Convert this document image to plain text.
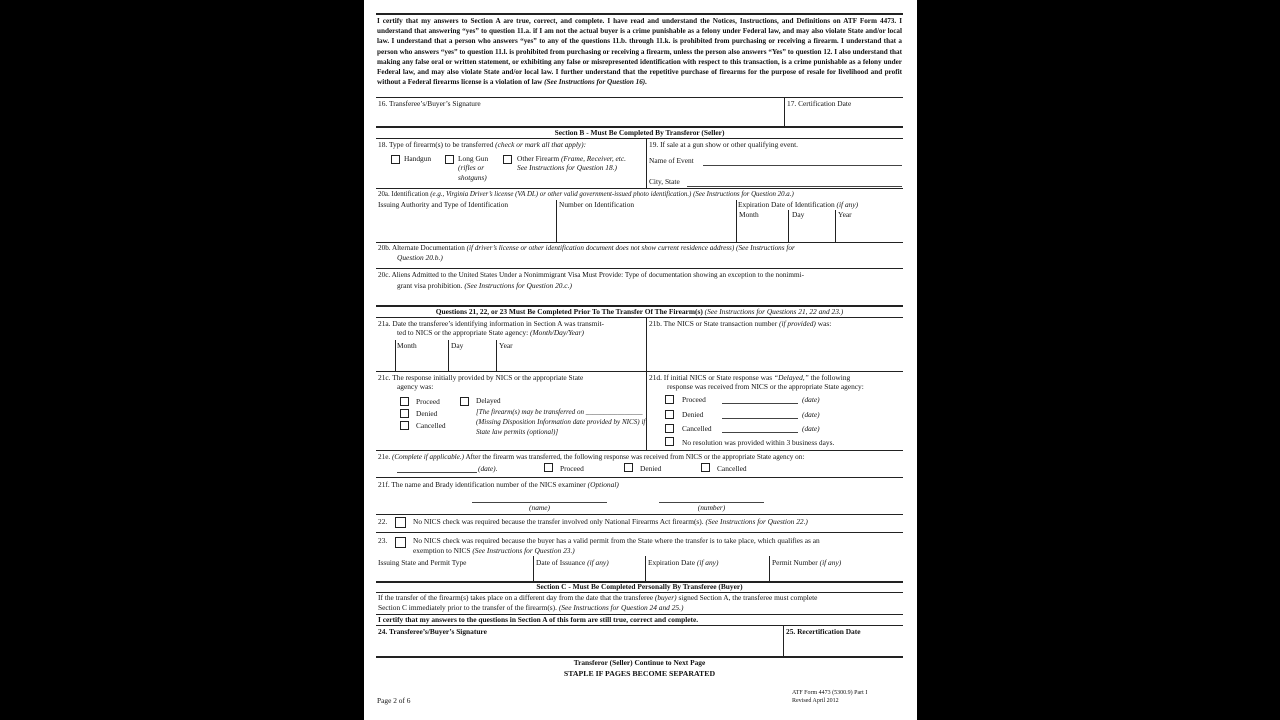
I certify that my answers to Section A are true, correct, and complete. I have read and understand the Notices, Instructions, and Definitions on ATF Form 4473. I understand that answering “yes” to question 11.a. if I am not the actual buyer is a crime punishable as a felony under Federal law, and may also violate State and/or local law. I understand that a person who answers “yes” to any of the questions 11.b. through 11.k. is prohibited from purchasing or receiving a firearm. I understand that a person who answers “yes” to question 11.l. is prohibited from purchasing or receiving a firearm, unless the person also answers “Yes” to question 12. I also understand that making any false oral or written statement, or exhibiting any false or misrepresented identification with respect to this transaction, is a crime punishable as a felony under Federal law, and may also violate State and/or local law. I further understand that the repetitive purchase of firearms for the purpose of resale for livelihood and profit without a Federal firearms license is a violation of law (See Instructions for Question 16).
16. Transferee’s/Buyer’s Signature	17. Certification Date
Section B - Must Be Completed By Transferor (Seller)
18. Type of firearm(s) to be transferred (check or mark all that apply):
Handgun	Long Gun
(rifles or
shotguns)
Other Firearm (Frame, Receiver, etc.
See Instructions for Question 18.)
19. If sale at a gun show or other qualifying event.
Name of Event
City, State
20a. Identification (e.g., Virginia Driver’s license (VA DL) or other valid government-issued photo identification.) (See Instructions for Question 20.a.)
Issuing Authority and Type of Identification	Number on Identification	Expiration Date of Identification (if any)
Month	Day	Year
20b. Alternate Documentation (if driver’s license or other identification document does not show current residence address) (See Instructions for
Question 20.b.)
20c. Aliens Admitted to the United States Under a Nonimmigrant Visa Must Provide: Type of documentation showing an exception to the nonimmi-
grant visa prohibition. (See Instructions for Question 20.c.)
Questions 21, 22, or 23 Must Be Completed Prior To The Transfer Of The Firearm(s) (See Instructions for Questions 21, 22 and 23.)
21a. Date the transferee’s identifying information in Section A was transmit-
ted to NICS or the appropriate State agency: (Month/Day/Year)
Month	Day	Year
21b. The NICS or State transaction number (if provided) was:
21c. The response initially provided by NICS or the appropriate State
agency was:
Proceed
Denied
Cancelled
Delayed
[The firearm(s) may be transferred on ________________ (Missing Disposition Information date provided by NICS) if State law permits (optional)]
21d. If initial NICS or State response was “Delayed,” the following
response was received from NICS or the appropriate State agency:
Proceed	(date)
Denied	(date)
Cancelled	(date)
No resolution was provided within 3 business days.
21e. (Complete if applicable.) After the firearm was transferred, the following response was received from NICS or the appropriate State agency on:
(date).	Proceed	Denied	Cancelled
21f. The name and Brady identification number of the NICS examiner (Optional)
(name)	(number)
22.	No NICS check was required because the transfer involved only National Firearms Act firearm(s). (See Instructions for Question 22.)
23.	No NICS check was required because the buyer has a valid permit from the State where the transfer is to take place, which qualifies as an
exemption to NICS (See Instructions for Question 23.)
Issuing State and Permit Type	Date of Issuance (if any)	Expiration Date (if any)	Permit Number (if any)
Section C - Must Be Completed Personally By Transferee (Buyer)
If the transfer of the firearm(s) takes place on a different day from the date that the transferee (buyer) signed Section A, the transferee must complete
Section C immediately prior to the transfer of the firearm(s). (See Instructions for Question 24 and 25.)
I certify that my answers to the questions in Section A of this form are still true, correct and complete.
24. Transferee’s/Buyer’s Signature	25. Recertification Date
Transferor (Seller) Continue to Next Page
STAPLE IF PAGES BECOME SEPARATED
Page 2 of 6
ATF Form 4473 (5300.9) Part I
Revised April 2012
